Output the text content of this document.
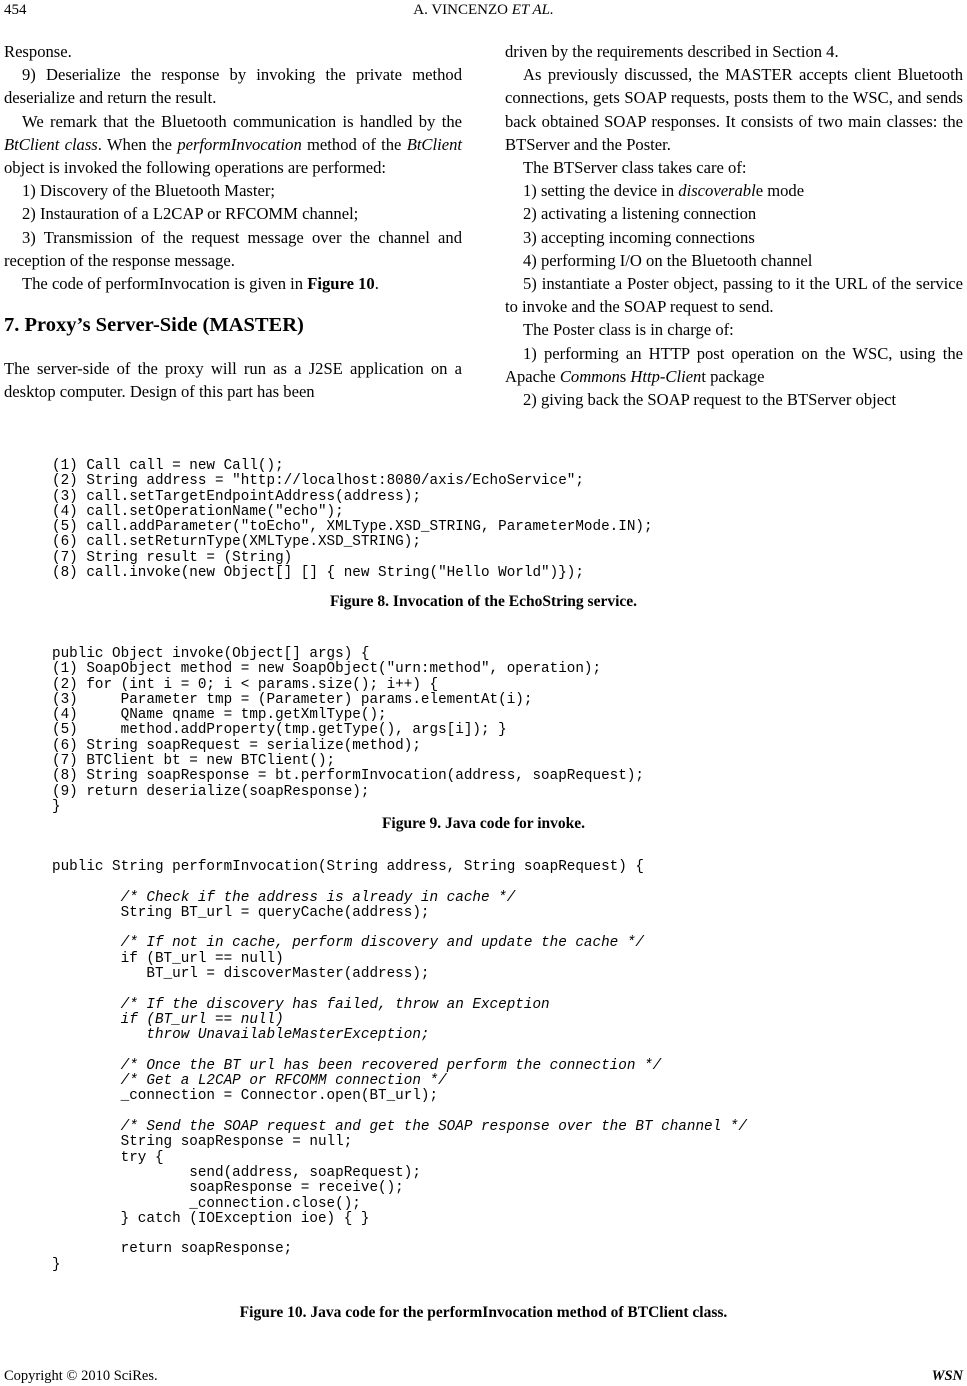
454	A. VINCENZO ET AL.

Response.

9) Deserialize the response by invoking the private method deserialize and return the result.

We remark that the Bluetooth communication is handled by the BtClient class. When the performInvocation method of the BtClient object is invoked the following operations are performed:

1) Discovery of the Bluetooth Master;

2) Instauration of a L2CAP or RFCOMM channel;

3) Transmission of the request message over the channel and reception of the response message.

The code of performInvocation is given in Figure 10.

7. Proxy’s Server-Side (MASTER)

The server-side of the proxy will run as a J2SE application on a desktop computer. Design of this part has been

driven by the requirements described in Section 4.

As previously discussed, the MASTER accepts client Bluetooth connections, gets SOAP requests, posts them to the WSC, and sends back obtained SOAP responses. It consists of two main classes: the BTServer and the Poster.

The BTServer class takes care of:

1) setting the device in discoverable mode

2) activating a listening connection

3) accepting incoming connections

4) performing I/O on the Bluetooth channel

5) instantiate a Poster object, passing to it the URL of the service to invoke and the SOAP request to send.

The Poster class is in charge of:

1) performing an HTTP post operation on the WSC, using the Apache Commons Http-Client package

2) giving back the SOAP request to the BTServer object

(1) Call call = new Call();
(2) String address = "http://localhost:8080/axis/EchoService";
(3) call.setTargetEndpointAddress(address);
(4) call.setOperationName("echo");
(5) call.addParameter("toEcho", XMLType.XSD_STRING, ParameterMode.IN);
(6) call.setReturnType(XMLType.XSD_STRING);
(7) String result = (String)
(8) call.invoke(new Object[] [] { new String("Hello World")});
Figure 8. Invocation of the EchoString service.
public Object invoke(Object[] args) {
(1) SoapObject method = new SoapObject("urn:method", operation);
(2) for (int i = 0; i < params.size(); i++) {
(3)     Parameter tmp = (Parameter) params.elementAt(i);
(4)     QName qname = tmp.getXmlType();
(5)     method.addProperty(tmp.getType(), args[i]); }
(6) String soapRequest = serialize(method);
(7) BTClient bt = new BTClient();
(8) String soapResponse = bt.performInvocation(address, soapRequest);
(9) return deserialize(soapResponse);
}
Figure 9. Java code for invoke.
public String performInvocation(String address, String soapRequest) {

/* Check if the address is already in cache */
String BT_url = queryCache(address);

/* If not in cache, perform discovery and update the cache */
if (BT_url == null)
BT_url = discoverMaster(address);

/* If the discovery has failed, throw an Exception
if (BT_url == null)
throw UnavailableMasterException;

/* Once the BT url has been recovered perform the connection */
/* Get a L2CAP or RFCOMM connection */
_connection = Connector.open(BT_url);

/* Send the SOAP request and get the SOAP response over the BT channel */
String soapResponse = null;
try {
send(address, soapRequest);
soapResponse = receive();
_connection.close();
} catch (IOException ioe) { }

return soapResponse;
}
Figure 10. Java code for the performInvocation method of BTClient class.
Copyright © 2010 SciRes.	WSN
